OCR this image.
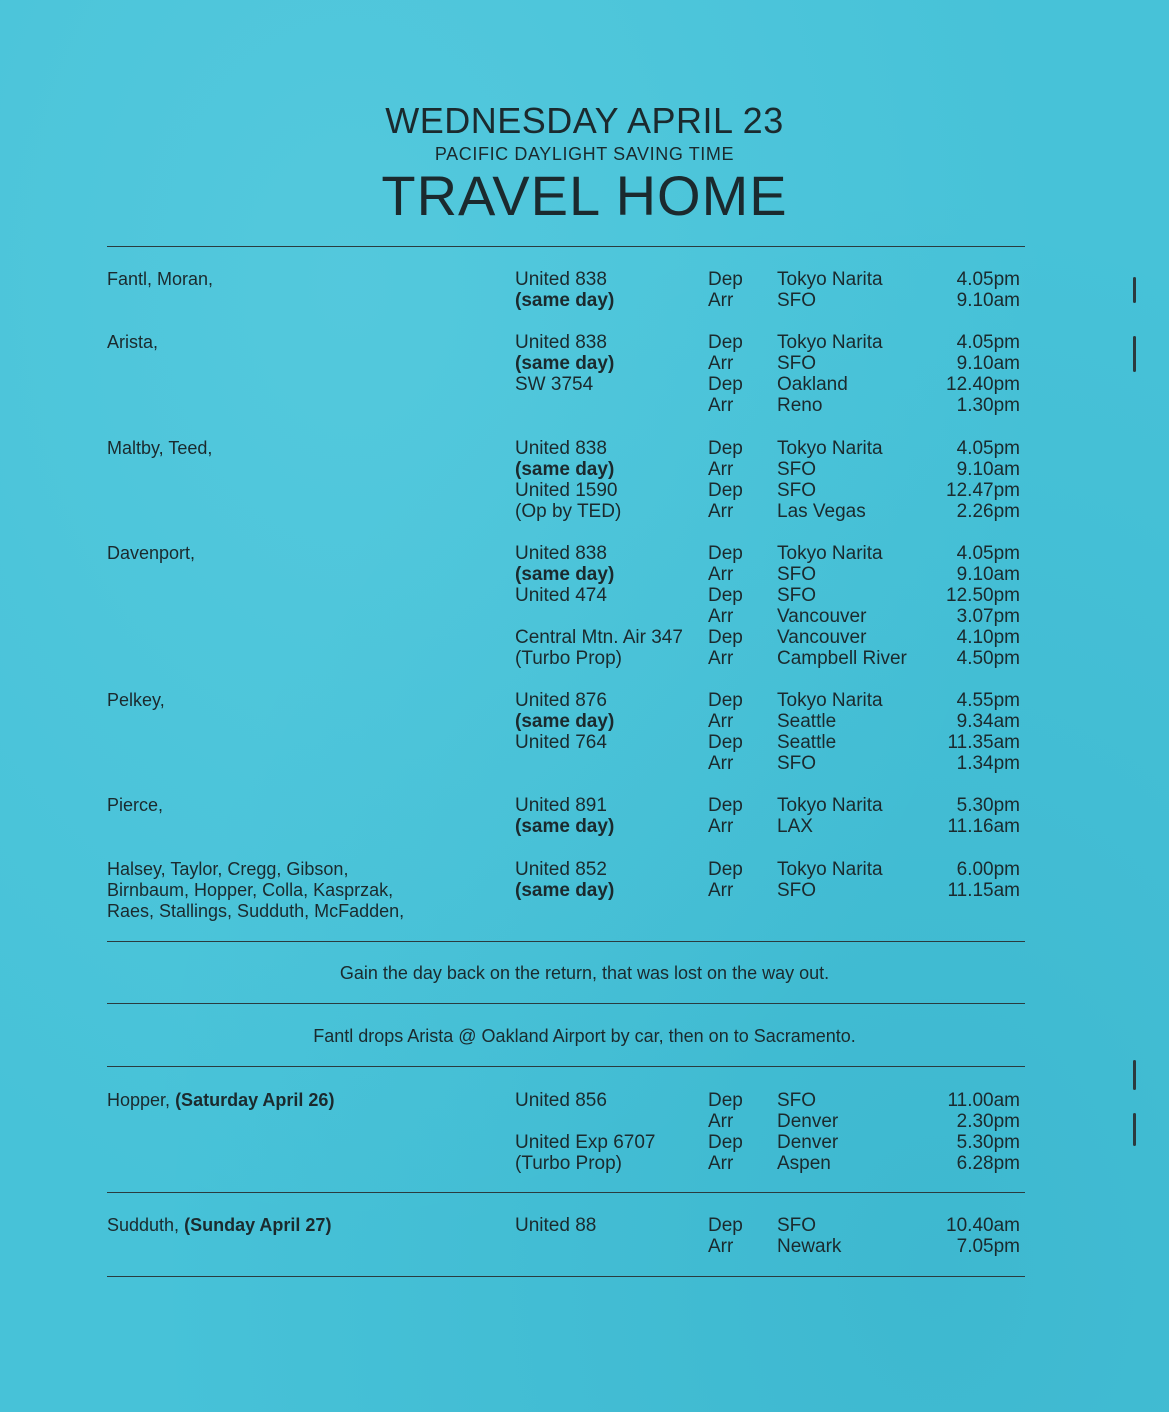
WEDNESDAY APRIL 23
PACIFIC DAYLIGHT SAVING TIME
TRAVEL HOME
Fantl, Moran,	United 838	Dep Tokyo Narita	4.05pm
(same day)	Arr SFO	9.10am
Arista,	United 838	Dep Tokyo Narita	4.05pm
(same day)	Arr SFO	9.10am
SW 3754	Dep Oakland	12.40pm
Arr Reno	1.30pm
Maltby, Teed,	United 838	Dep Tokyo Narita	4.05pm
(same day)	Arr SFO	9.10am
United 1590	Dep SFO	12.47pm
(Op by TED)	Arr Las Vegas	2.26pm
Davenport,	United 838	Dep Tokyo Narita	4.05pm
(same day)	Arr SFO	9.10am
United 474	Dep SFO	12.50pm
Arr Vancouver	3.07pm
Central Mtn. Air 347 Dep Vancouver	4.10pm
(Turbo Prop)	Arr Campbell River	4.50pm
Pelkey,	United 876	Dep Tokyo Narita	4.55pm
(same day)	Arr Seattle	9.34am
United 764	Dep Seattle	11.35am
Arr SFO	1.34pm
Pierce,	United 891	Dep Tokyo Narita	5.30pm
(same day)	Arr LAX	11.16am
Halsey, Taylor, Cregg, Gibson,
Birnbaum, Hopper, Colla, Kasprzak,
Raes, Stallings, Sudduth, McFadden,
United 852	Dep Tokyo Narita	6.00pm
(same day)	Arr SFO	11.15am
Gain the day back on the return, that was lost on the way out.
Fantl drops Arista @ Oakland Airport by car, then on to Sacramento.
Hopper, (Saturday April 26)	United 856	Dep SFO	11.00am
Arr Denver	2.30pm
United Exp 6707	Dep Denver	5.30pm
(Turbo Prop)	Arr Aspen	6.28pm
Sudduth, (Sunday April 27)	United 88	Dep SFO	10.40am
Arr Newark	7.05pm
